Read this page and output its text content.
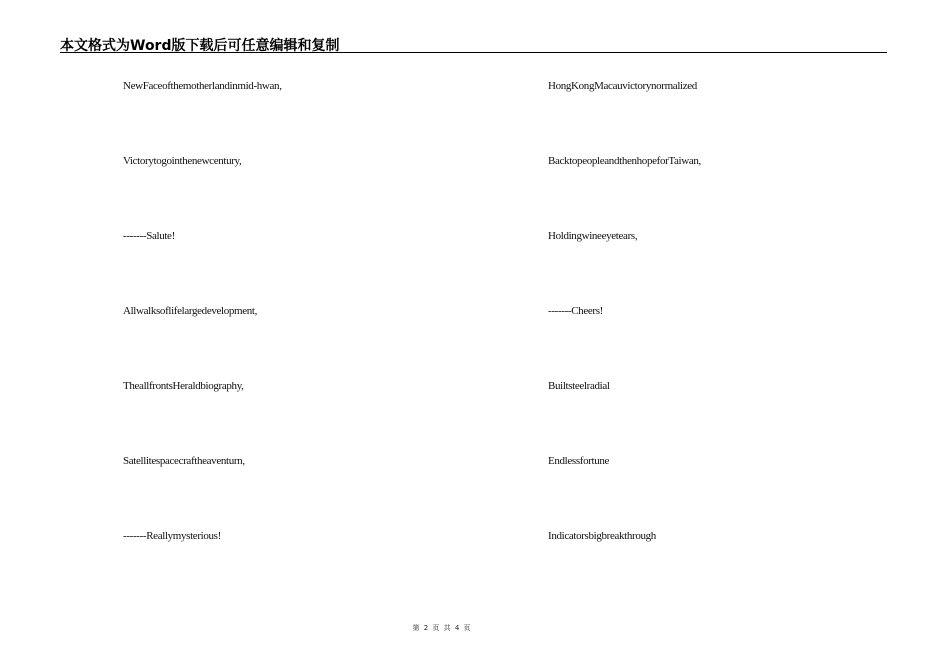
本文格式为Word版下载后可任意编辑和复制
NewFaceofthemotherlandinmid-hwan,
Victorytogointhenewcentury,
-------Salute!
Allwalksoflifelargedevelopment,
TheallfrontsHeraldbiography,
Satellitespacecraftheaventurn,
-------Reallymysterious!
HongKongMacauvictorynormalized
BacktopeopleandthenhopeforTaiwan,
Holdingwineeyetears,
-------Cheers!
Builtsteelradial
Endlessfortune
Indicatorsbigbreakthrough
第 2 页 共 4 页
